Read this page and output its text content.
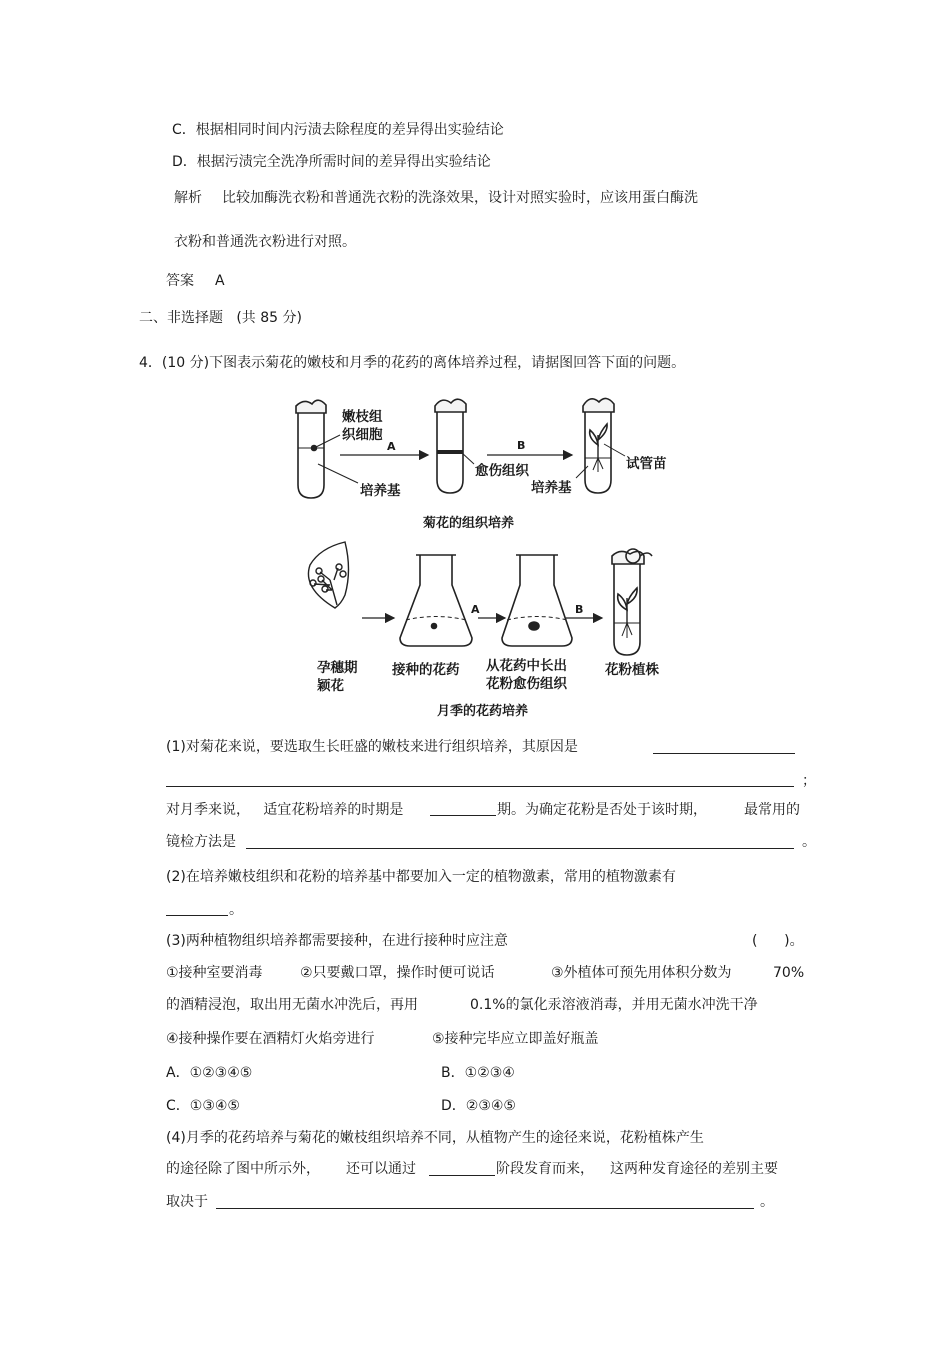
C．根据相同时间内污渍去除程度的差异得出实验结论
D．根据污渍完全洗净所需时间的差异得出实验结论
解析 比较加酶洗衣粉和普通洗衣粉的洗涤效果，设计对照实验时，应该用蛋白酶洗
衣粉和普通洗衣粉进行对照。
答案 A
二、非选择题   (共 85 分)
4．(10 分)下图表示菊花的嫩枝和月季的花药的离体培养过程，请据图回答下面的问题。
嫩枝组
织细胞
A	B
愈伤组织	试管苗
培养基	培养基
菊花的组织培养
A	B
孕穗期
颖花
接种的花药 从花药中长出
花粉愈伤组织
花粉植株
月季的花药培养
(1)对菊花来说，要选取生长旺盛的嫩枝来进行组织培养，其原因是
；
对月季来说，   适宜花粉培养的时期是	期。为确定花粉是否处于该时期，	最常用的
镜检方法是	。
(2)在培养嫩枝组织和花粉的培养基中都要加入一定的植物激素，常用的植物激素有
。
(3)两种植物组织培养都需要接种，在进行接种时应注意	(      )。
①接种室要消毒	②只要戴口罩，操作时便可说话	③外植体可预先用体积分数为	70%
的酒精浸泡，取出用无菌水冲洗后，再用	0.1%的氯化汞溶液消毒，并用无菌水冲洗干净
④接种操作要在酒精灯火焰旁进行	⑤接种完毕应立即盖好瓶盖
A．①②③④⑤	B．①②③④
C．①③④⑤	D．②③④⑤
(4)月季的花药培养与菊花的嫩枝组织培养不同，从植物产生的途径来说，花粉植株产生
的途径除了图中所示外， 还可以通过	阶段发育而来， 这两种发育途径的差别主要
取决于	。
